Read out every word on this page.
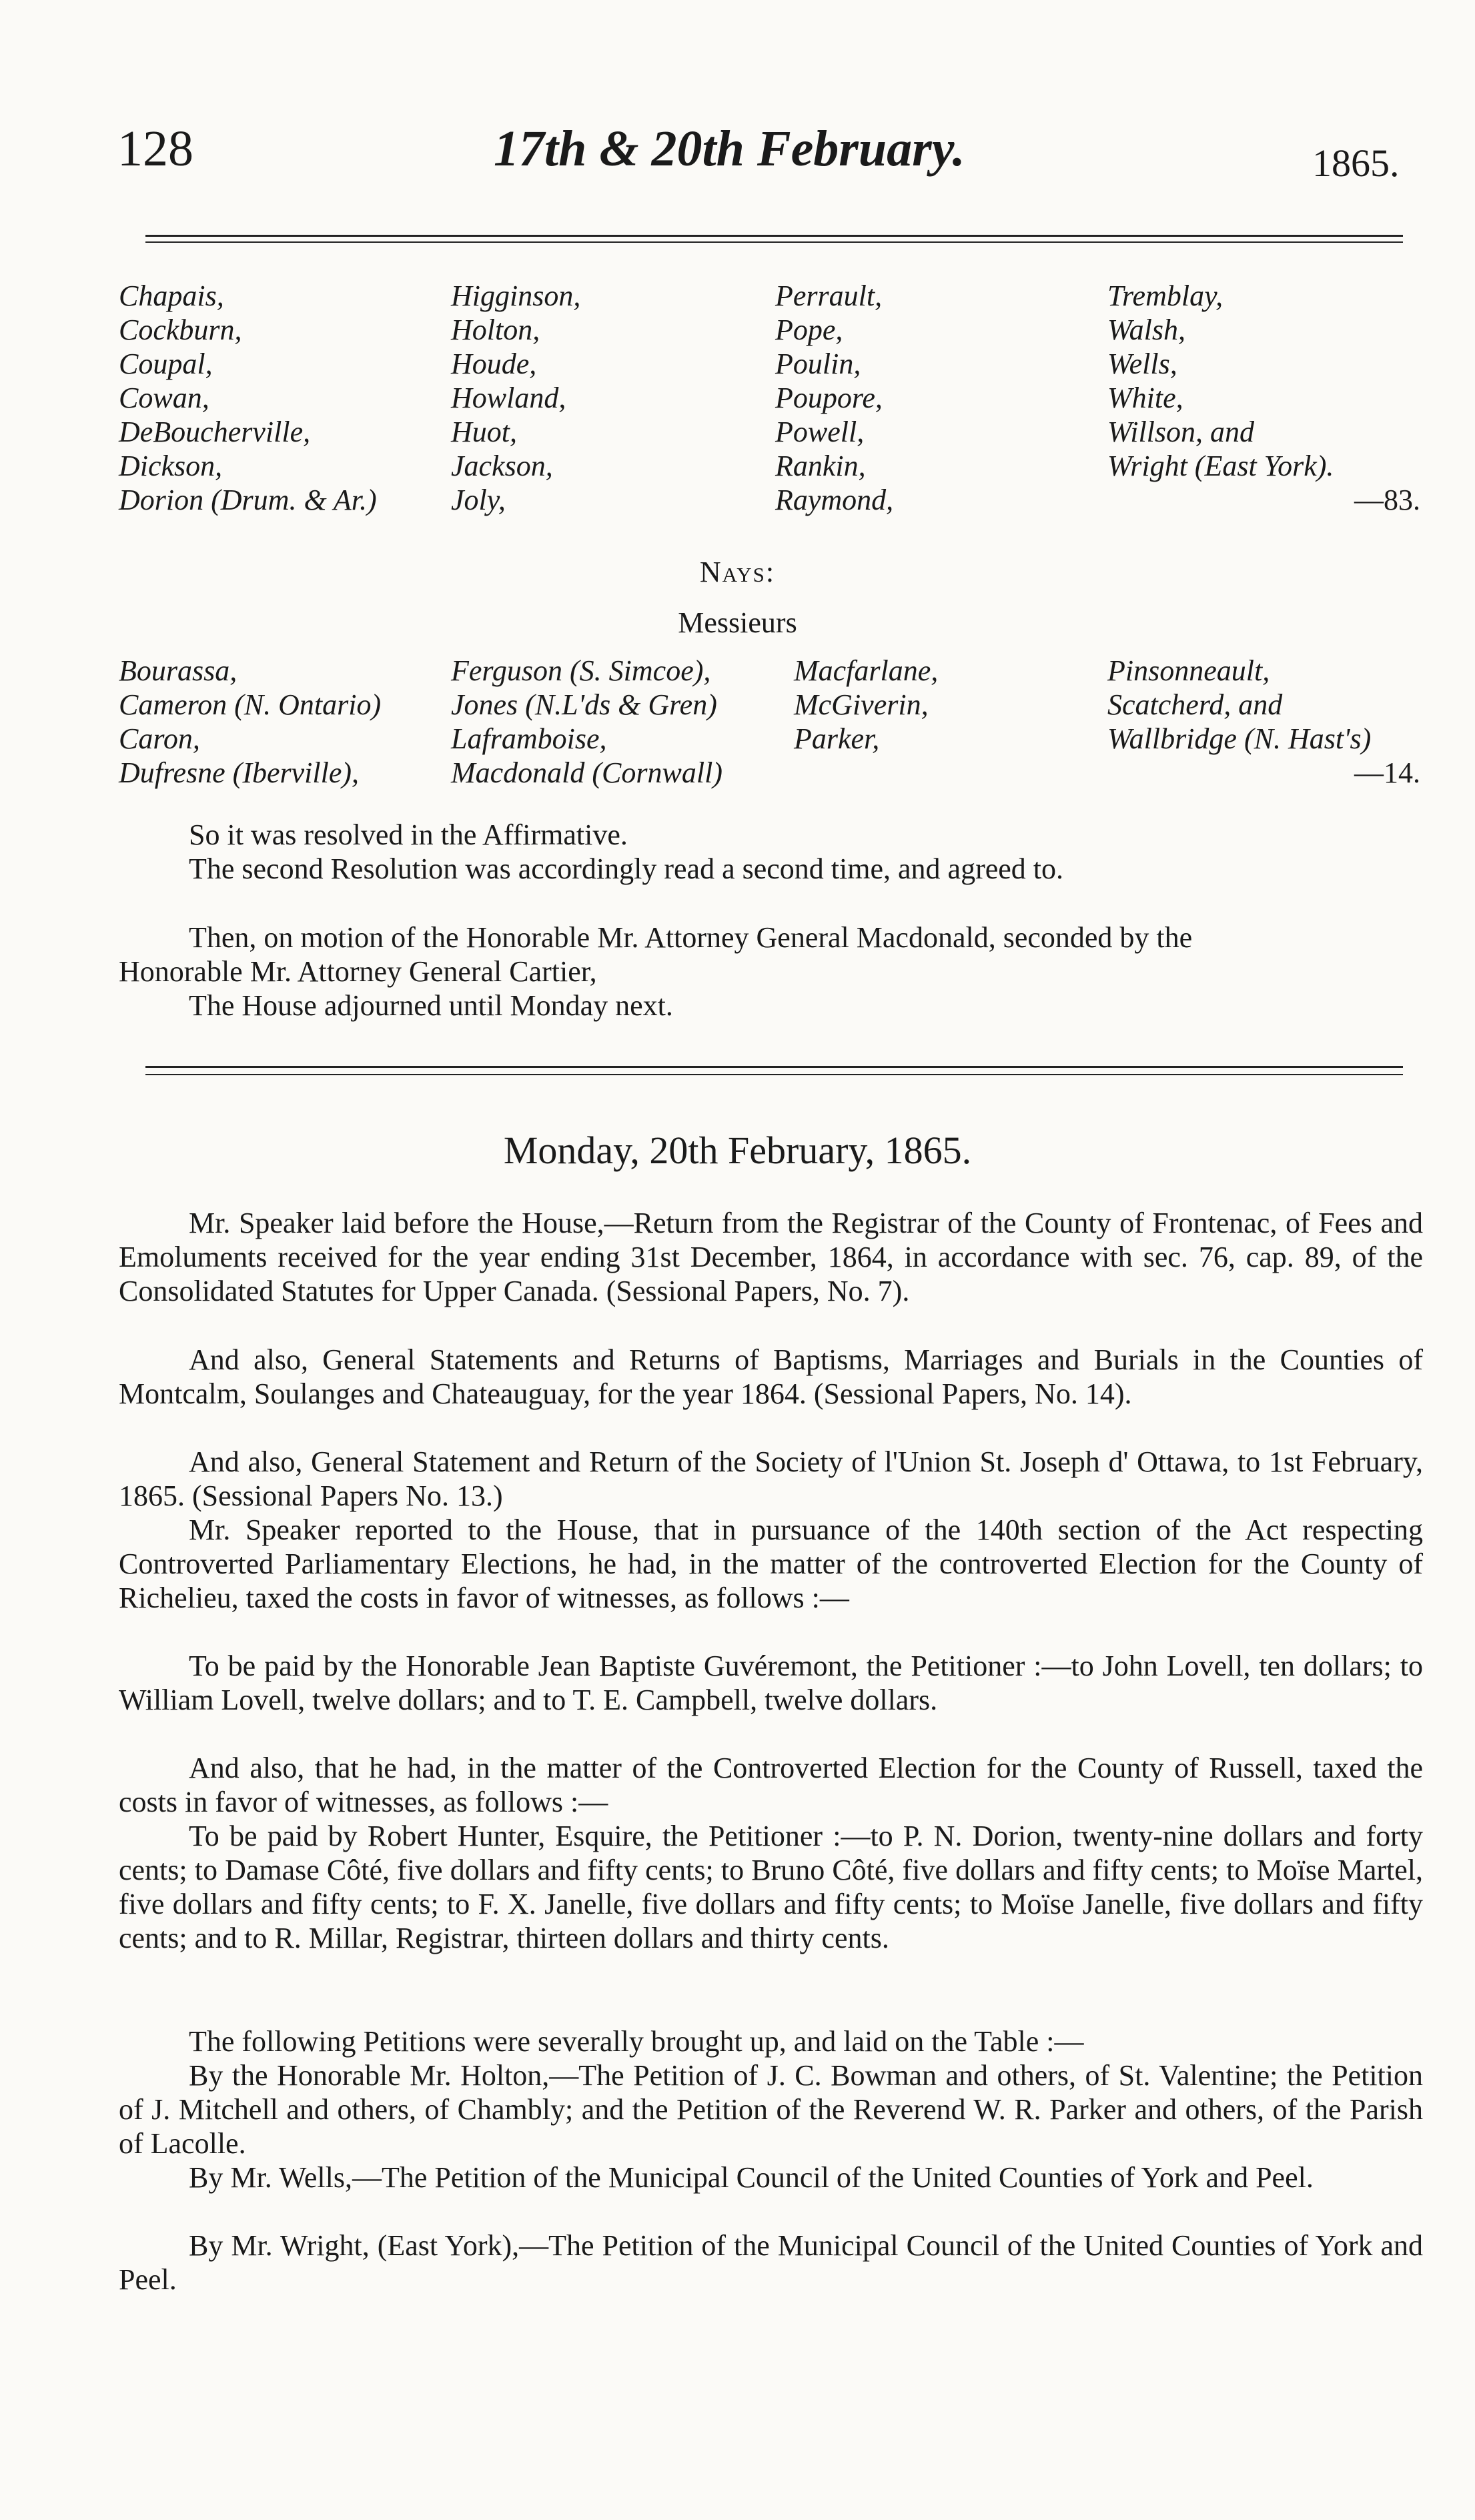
128	17th & 20th February.	1865.
Chapais,
Cockburn,
Coupal,
Cowan,
DeBoucherville,
Dickson,
Dorion (Drum. & Ar.)
Higginson,
Holton,
Houde,
Howland,
Huot,
Jackson,
Joly,
Perrault,
Pope,
Poulin,
Poupore,
Powell,
Rankin,
Raymond,
Tremblay,
Walsh,
Wells,
White,
Willson, and
Wright (East York).
—83.
Nays:
Messieurs
Bourassa,
Cameron (N. Ontario)
Caron,
Dufresne (Iberville),
Ferguson (S. Simcoe),
Jones (N.L'ds & Gren)
Laframboise,
Macdonald (Cornwall)
Macfarlane,
McGiverin,
Parker,
Pinsonneault,
Scatcherd, and
Wallbridge (N. Hast's)
—14.
So it was resolved in the Affirmative.
The second Resolution was accordingly read a second time, and agreed to.
Then, on motion of the Honorable Mr. Attorney General Macdonald, seconded by the
Honorable Mr. Attorney General Cartier,
The House adjourned until Monday next.
Monday, 20th February, 1865.
Mr. Speaker laid before the House,—Return from the Registrar of the County of Frontenac, of Fees and Emoluments received for the year ending 31st December, 1864, in accordance with sec. 76, cap. 89, of the Consolidated Statutes for Upper Canada. (Sessional Papers, No. 7).
And also, General Statements and Returns of Baptisms, Marriages and Burials in the Counties of Montcalm, Soulanges and Chateauguay, for the year 1864. (Sessional Papers, No. 14).
And also, General Statement and Return of the Society of l'Union St. Joseph d' Ottawa, to 1st February, 1865. (Sessional Papers No. 13.)
Mr. Speaker reported to the House, that in pursuance of the 140th section of the Act respecting Controverted Parliamentary Elections, he had, in the matter of the controverted Election for the County of Richelieu, taxed the costs in favor of witnesses, as follows :—
To be paid by the Honorable Jean Baptiste Guvéremont, the Petitioner :—to John Lovell, ten dollars; to William Lovell, twelve dollars; and to T. E. Campbell, twelve dollars.
And also, that he had, in the matter of the Controverted Election for the County of Russell, taxed the costs in favor of witnesses, as follows :—
To be paid by Robert Hunter, Esquire, the Petitioner :—to P. N. Dorion, twenty-nine dollars and forty cents; to Damase Côté, five dollars and fifty cents; to Bruno Côté, five dollars and fifty cents; to Moïse Martel, five dollars and fifty cents; to F. X. Janelle, five dollars and fifty cents; to Moïse Janelle, five dollars and fifty cents; and to R. Millar, Registrar, thirteen dollars and thirty cents.
The following Petitions were severally brought up, and laid on the Table :—
By the Honorable Mr. Holton,—The Petition of J. C. Bowman and others, of St. Valentine; the Petition of J. Mitchell and others, of Chambly; and the Petition of the Reverend W. R. Parker and others, of the Parish of Lacolle.
By Mr. Wells,—The Petition of the Municipal Council of the United Counties of York and Peel.
By Mr. Wright, (East York),—The Petition of the Municipal Council of the United Counties of York and Peel.
